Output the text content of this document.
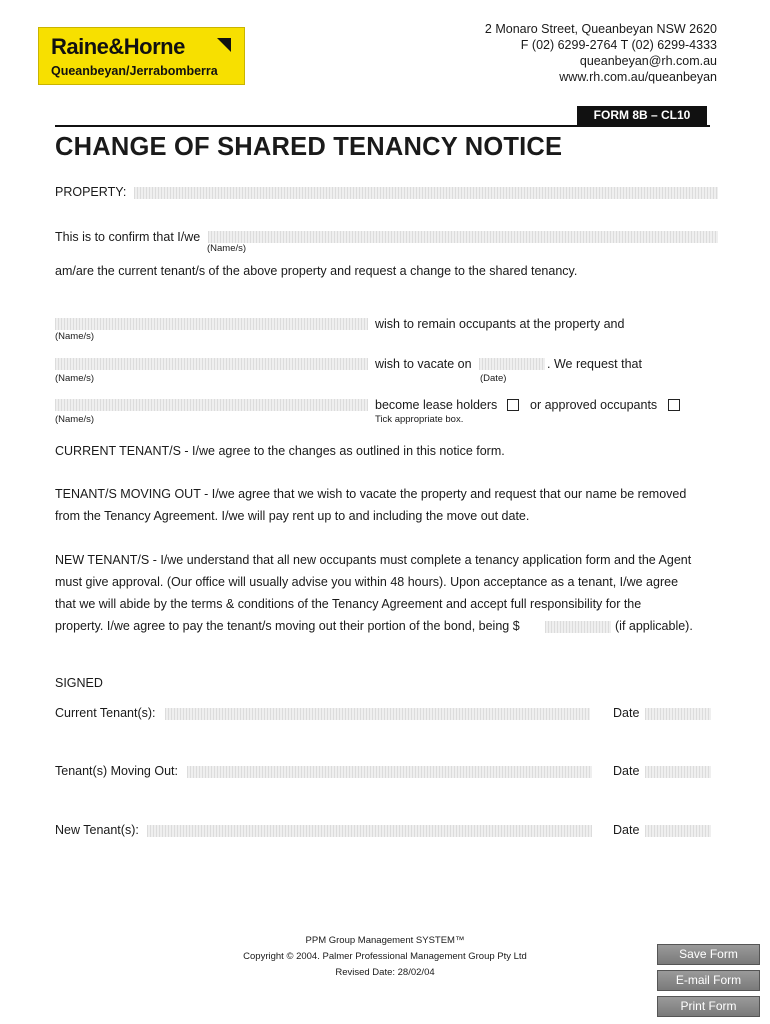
Raine&Horne
Queanbeyan/Jerrabomberra
2 Monaro Street, Queanbeyan NSW 2620
F (02) 6299-2764 T (02) 6299-4333
queanbeyan@rh.com.au
www.rh.com.au/queanbeyan
FORM 8B – CL10
CHANGE OF SHARED TENANCY NOTICE
PROPERTY:
This is to confirm that I/we
(Name/s)
am/are the current tenant/s of the above property and request a change to the shared tenancy.
wish to remain occupants at the property and
(Name/s)
wish to vacate on	. We request that
(Name/s)	(Date)
become lease holders	or approved occupants
(Name/s)	Tick appropriate box.
CURRENT TENANT/S - I/we agree to the changes as outlined in this notice form.
TENANT/S MOVING OUT - I/we agree that we wish to vacate the property and request that our name be removed
from the Tenancy Agreement. I/we will pay rent up to and including the move out date.
NEW TENANT/S - I/we understand that all new occupants must complete a tenancy application form and the Agent
must give approval. (Our office will usually advise you within 48 hours). Upon acceptance as a tenant, I/we agree
that we will abide by the terms & conditions of the Tenancy Agreement and accept full responsibility for the
property. I/we agree to pay the tenant/s moving out their portion of the bond, being $	(if applicable).
SIGNED
Current Tenant(s):	Date
Tenant(s) Moving Out:	Date
New Tenant(s):	Date
PPM Group Management SYSTEM™
Copyright © 2004. Palmer Professional Management Group Pty Ltd
Revised Date: 28/02/04
Save Form
E-mail Form
Print Form
